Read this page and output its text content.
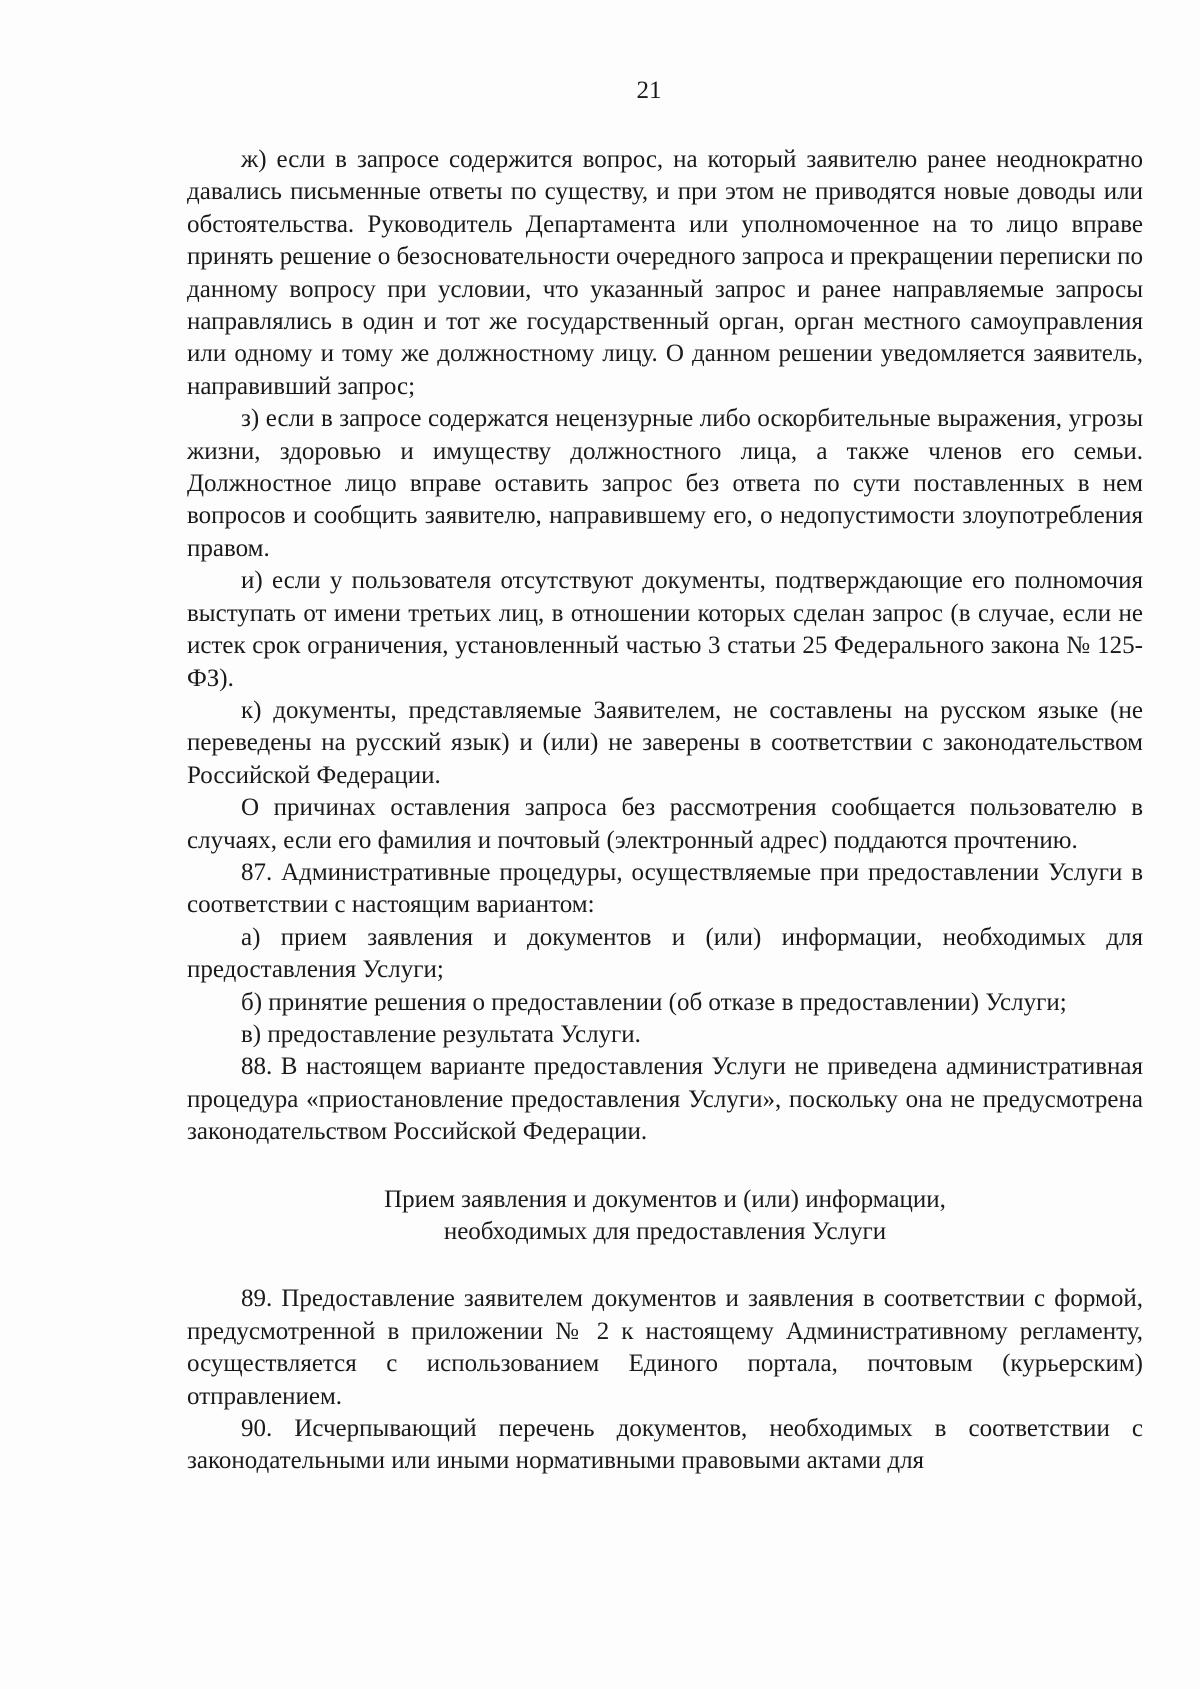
21

ж) если в запросе содержится вопрос, на который заявителю ранее неоднократно давались письменные ответы по существу, и при этом не приводятся новые доводы или обстоятельства. Руководитель Департамента или уполномоченное на то лицо вправе принять решение о безосновательности очередного запроса и прекращении переписки по данному вопросу при условии, что указанный запрос и ранее направляемые запросы направлялись в один и тот же государственный орган, орган местного самоуправления или одному и тому же должностному лицу. О данном решении уведомляется заявитель, направивший запрос;

з) если в запросе содержатся нецензурные либо оскорбительные выражения, угрозы жизни, здоровью и имуществу должностного лица, а также членов его семьи. Должностное лицо вправе оставить запрос без ответа по сути поставленных в нем вопросов и сообщить заявителю, направившему его, о недопустимости злоупотребления правом.

и) если у пользователя отсутствуют документы, подтверждающие его полномочия выступать от имени третьих лиц, в отношении которых сделан запрос (в случае, если не истек срок ограничения, установленный частью 3 статьи 25 Федерального закона № 125-ФЗ).

к) документы, представляемые Заявителем, не составлены на русском языке (не переведены на русский язык) и (или) не заверены в соответствии с законодательством Российской Федерации.

О причинах оставления запроса без рассмотрения сообщается пользователю в случаях, если его фамилия и почтовый (электронный адрес) поддаются прочтению.

87. Административные процедуры, осуществляемые при предоставлении Услуги в соответствии с настоящим вариантом:

а) прием заявления и документов и (или) информации, необходимых для предоставления Услуги;

б) принятие решения о предоставлении (об отказе в предоставлении) Услуги;

в) предоставление результата Услуги.

88. В настоящем варианте предоставления Услуги не приведена административная процедура «приостановление предоставления Услуги», поскольку она не предусмотрена законодательством Российской Федерации.

Прием заявления и документов и (или) информации,
необходимых для предоставления Услуги

89. Предоставление заявителем документов и заявления в соответствии с формой, предусмотренной в приложении № 2 к настоящему Административному регламенту, осуществляется с использованием Единого портала, почтовым (курьерским) отправлением.

90. Исчерпывающий перечень документов, необходимых в соответствии с законодательными или иными нормативными правовыми актами для
